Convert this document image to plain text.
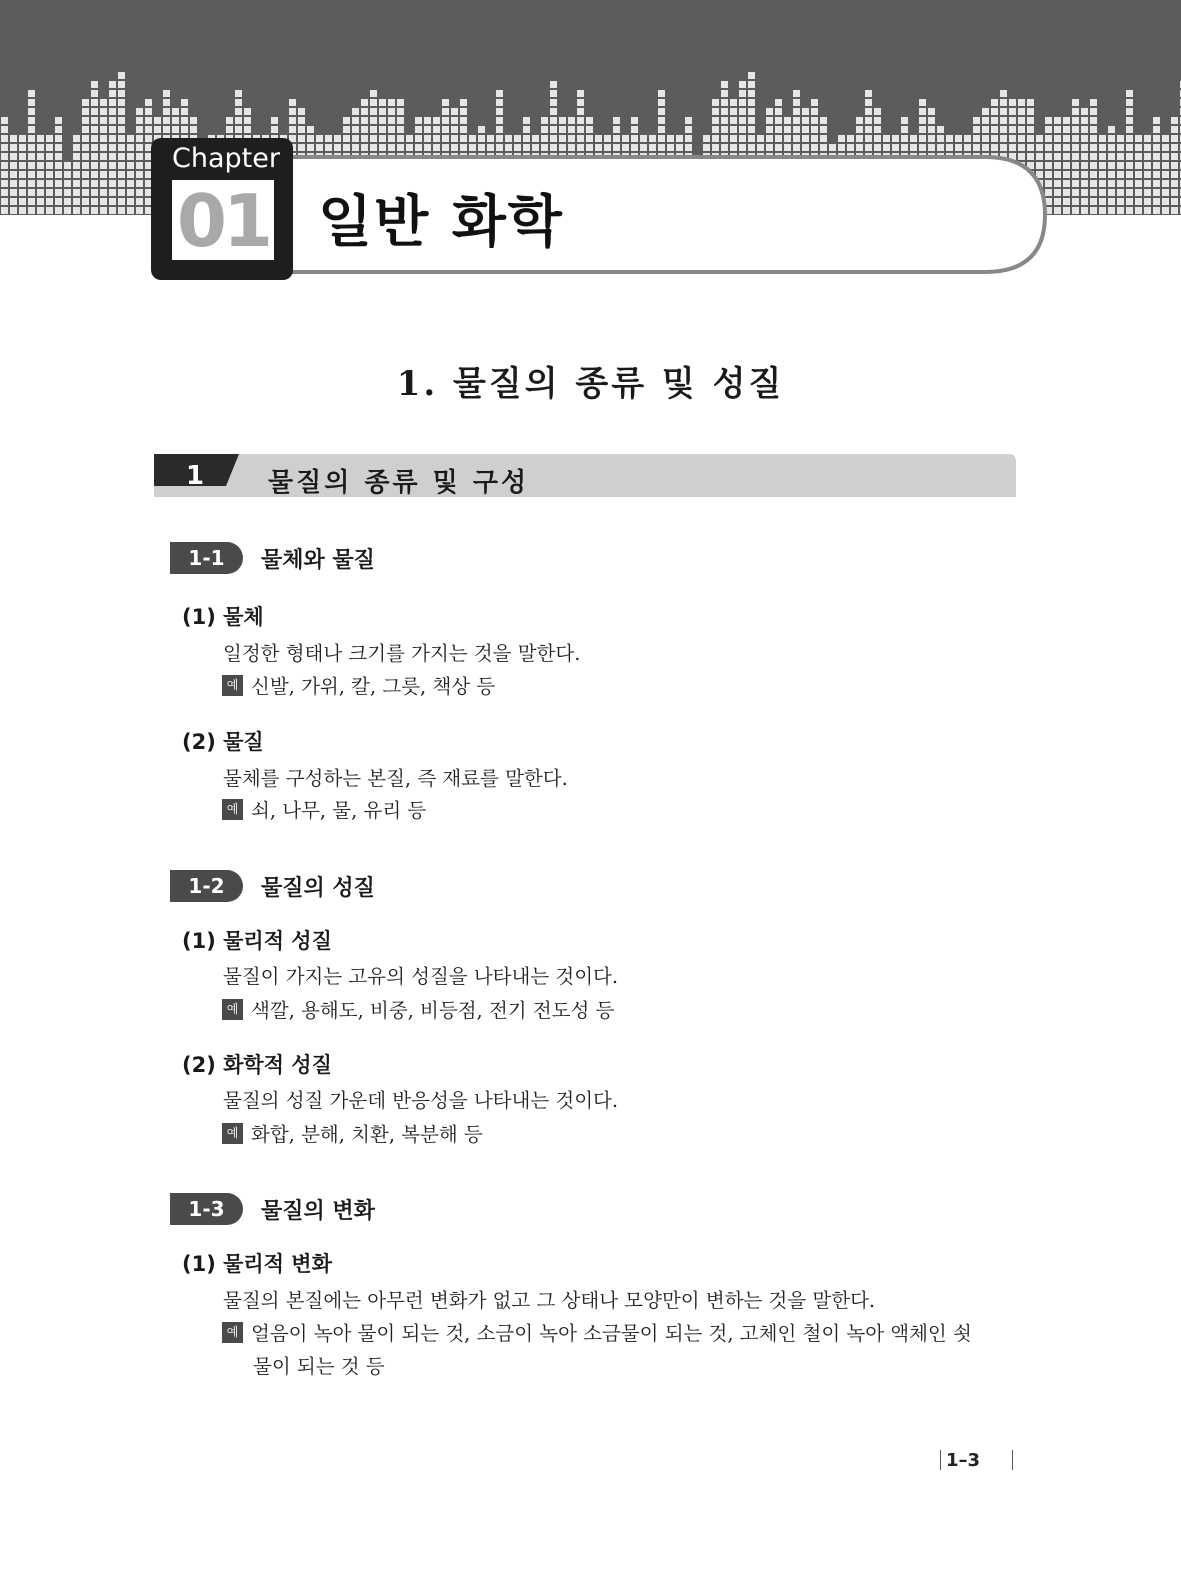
Chapter
01 일반 화학
1. 물질의 종류 및 성질
1	물질의 종류 및 구성
1-1 물체와 물질
(1) 물체
일정한 형태나 크기를 가지는 것을 말한다.
예 신발, 가위, 칼, 그릇, 책상 등
(2) 물질
물체를 구성하는 본질, 즉 재료를 말한다.
예 쇠, 나무, 물, 유리 등
1-2 물질의 성질
(1) 물리적 성질
물질이 가지는 고유의 성질을 나타내는 것이다.
예 색깔, 용해도, 비중, 비등점, 전기 전도성 등
(2) 화학적 성질
물질의 성질 가운데 반응성을 나타내는 것이다.
예 화합, 분해, 치환, 복분해 등
1-3 물질의 변화
(1) 물리적 변화
물질의 본질에는 아무런 변화가 없고 그 상태나 모양만이 변하는 것을 말한다.
예 얼음이 녹아 물이 되는 것, 소금이 녹아 소금물이 되는 것, 고체인 철이 녹아 액체인 쇳
물이 되는 것 등
1–3
